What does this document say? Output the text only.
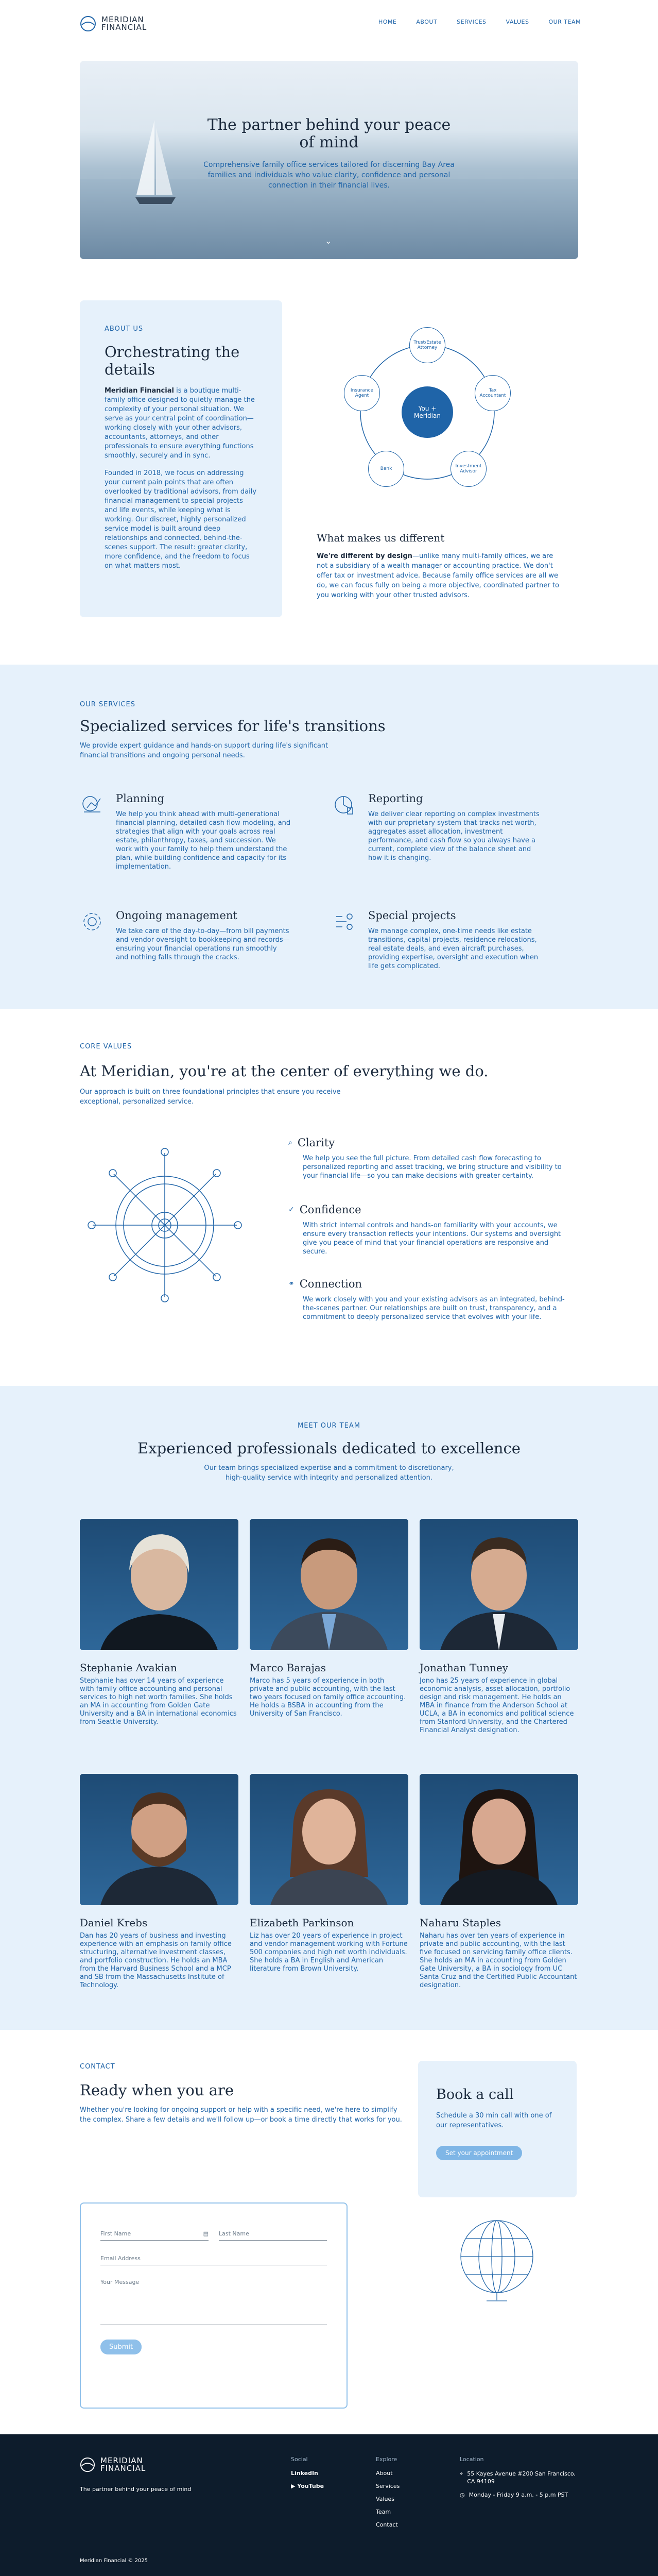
MERIDIAN
FINANCIAL
HOME	ABOUT	SERVICES	VALUES	OUR TEAM
The partner behind your peace of mind
Comprehensive family office services tailored for discerning Bay Area families and individuals who value clarity, confidence and personal connection in their financial lives.
⌄
ABOUT US
Orchestrating the details

Meridian Financial is a boutique multi-family office designed to quietly manage the complexity of your personal situation. We serve as your central point of coordination—working closely with your other advisors, accountants, attorneys, and other professionals to ensure everything functions smoothly, securely and in sync.

Founded in 2018, we focus on addressing your current pain points that are often overlooked by traditional advisors, from daily financial management to special projects and life events, while keeping what is working. Our discreet, highly personalized service model is built around deep relationships and connected, behind-the-scenes support. The result: greater clarity, more confidence, and the freedom to focus on what matters most.

You + Meridian
Trust/Estate Attorney
Tax Accountant
Investment Advisor
Bank
Insurance Agent
What makes us different

We're different by design—unlike many multi-family offices, we are not a subsidiary of a wealth manager or accounting practice. We don't offer tax or investment advice. Because family office services are all we do, we can focus fully on being a more objective, coordinated partner to you working with your other trusted advisors.

OUR SERVICES
Specialized services for life's transitions
We provide expert guidance and hands-on support during life's significant financial transitions and ongoing personal needs.
Planning

We help you think ahead with multi-generational financial planning, detailed cash flow modeling, and strategies that align with your goals across real estate, philanthropy, taxes, and succession. We work with your family to help them understand the plan, while building confidence and capacity for its implementation.

Reporting

We deliver clear reporting on complex investments with our proprietary system that tracks net worth, aggregates asset allocation, investment performance, and cash flow so you always have a current, complete view of the balance sheet and how it is changing.

Ongoing management

We take care of the day-to-day—from bill payments and vendor oversight to bookkeeping and records—ensuring your financial operations run smoothly and nothing falls through the cracks.

Special projects

We manage complex, one-time needs like estate transitions, capital projects, residence relocations, real estate deals, and even aircraft purchases, providing expertise, oversight and execution when life gets complicated.

CORE VALUES
At Meridian, you're at the center of everything we do.
Our approach is built on three foundational principles that ensure you receive exceptional, personalized service.
⌕ Clarity

We help you see the full picture. From detailed cash flow forecasting to personalized reporting and asset tracking, we bring structure and visibility to your financial life—so you can make decisions with greater certainty.

✓ Confidence

With strict internal controls and hands-on familiarity with your accounts, we ensure every transaction reflects your intentions. Our systems and oversight give you peace of mind that your financial operations are responsive and secure.

⚭ Connection

We work closely with you and your existing advisors as an integrated, behind-the-scenes partner. Our relationships are built on trust, transparency, and a commitment to deeply personalized service that evolves with your life.

MEET OUR TEAM
Experienced professionals dedicated to excellence
Our team brings specialized expertise and a commitment to discretionary, high-quality service with integrity and personalized attention.
Stephanie Avakian

Stephanie has over 14 years of experience with family office accounting and personal services to high net worth families. She holds an MA in accounting from Golden Gate University and a BA in international economics from Seattle University.

Marco Barajas

Marco has 5 years of experience in both private and public accounting, with the last two years focused on family office accounting. He holds a BSBA in accounting from the University of San Francisco.

Jonathan Tunney

Jono has 25 years of experience in global economic analysis, asset allocation, portfolio design and risk management. He holds an MBA in finance from the Anderson School at UCLA, a BA in economics and political science from Stanford University, and the Chartered Financial Analyst designation.

Daniel Krebs

Dan has 20 years of business and investing experience with an emphasis on family office structuring, alternative investment classes, and portfolio construction. He holds an MBA from the Harvard Business School and a MCP and SB from the Massachusetts Institute of Technology.

Elizabeth Parkinson

Liz has over 20 years of experience in project and vendor management working with Fortune 500 companies and high net worth individuals. She holds a BA in English and American literature from Brown University.

Naharu Staples

Naharu has over ten years of experience in private and public accounting, with the last five focused on servicing family office clients. She holds an MA in accounting from Golden Gate University, a BA in sociology from UC Santa Cruz and the Certified Public Accountant designation.

CONTACT
Ready when you are
Whether you're looking for ongoing support or help with a specific need, we're here to simplify the complex. Share a few details and we'll follow up—or book a time directly that works for you.
First Name	▤ Last Name
Email Address
Your Message
Submit
Book a call

Schedule a 30 min call with one of our representatives.

Set your appointment
MERIDIAN
FINANCIAL
The partner behind your peace of mind
Social
LinkedIn
▶ YouTube
Explore
About
Services
Values
Team
Contact
Location
⌖ 55 Kayes Avenue #200 San Francisco, CA 94109
◷ Monday - Friday 9 a.m. - 5 p.m PST
Meridian Financial © 2025
